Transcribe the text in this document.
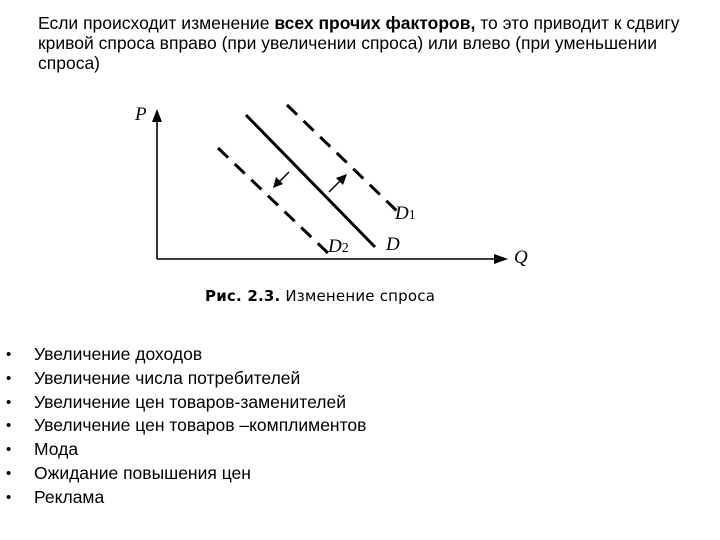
Если происходит изменение всех прочих факторов, то это приводит к сдвигу кривой спроса вправо (при увеличении спроса) или влево (при уменьшении спроса)

P
Q
D
D1
D2
Рис. 2.3. Изменение спроса
• Увеличение доходов
• Увеличение числа потребителей
• Увеличение цен товаров-заменителей
• Увеличение цен товаров –комплиментов
• Мода
• Ожидание повышения цен
• Реклама
